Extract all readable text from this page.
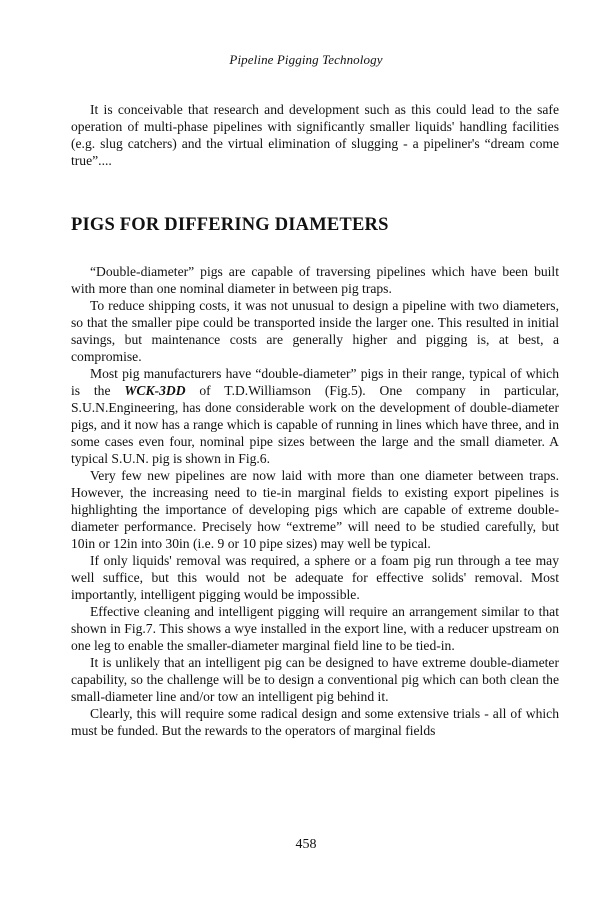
Pipeline Pigging Technology

It is conceivable that research and development such as this could lead to the safe operation of multi-phase pipelines with significantly smaller liquids' handling facilities (e.g. slug catchers) and the virtual elimination of slugging - a pipeliner's “dream come true”....

PIGS FOR DIFFERING DIAMETERS

“Double-diameter” pigs are capable of traversing pipelines which have been built with more than one nominal diameter in between pig traps.

To reduce shipping costs, it was not unusual to design a pipeline with two diameters, so that the smaller pipe could be transported inside the larger one. This resulted in initial savings, but maintenance costs are generally higher and pigging is, at best, a compromise.

Most pig manufacturers have “double-diameter” pigs in their range, typical of which is the WCK-3DD of T.D.Williamson (Fig.5). One company in particular, S.U.N.Engineering, has done considerable work on the development of double-diameter pigs, and it now has a range which is capable of running in lines which have three, and in some cases even four, nominal pipe sizes between the large and the small diameter. A typical S.U.N. pig is shown in Fig.6.

Very few new pipelines are now laid with more than one diameter between traps. However, the increasing need to tie-in marginal fields to existing export pipelines is highlighting the importance of developing pigs which are capable of extreme double-diameter performance. Precisely how “extreme” will need to be studied carefully, but 10in or 12in into 30in (i.e. 9 or 10 pipe sizes) may well be typical.

If only liquids' removal was required, a sphere or a foam pig run through a tee may well suffice, but this would not be adequate for effective solids' removal. Most importantly, intelligent pigging would be impossible.

Effective cleaning and intelligent pigging will require an arrangement similar to that shown in Fig.7. This shows a wye installed in the export line, with a reducer upstream on one leg to enable the smaller-diameter marginal field line to be tied-in.

It is unlikely that an intelligent pig can be designed to have extreme double-diameter capability, so the challenge will be to design a conventional pig which can both clean the small-diameter line and/or tow an intelligent pig behind it.

Clearly, this will require some radical design and some extensive trials - all of which must be funded. But the rewards to the operators of marginal fields

458
